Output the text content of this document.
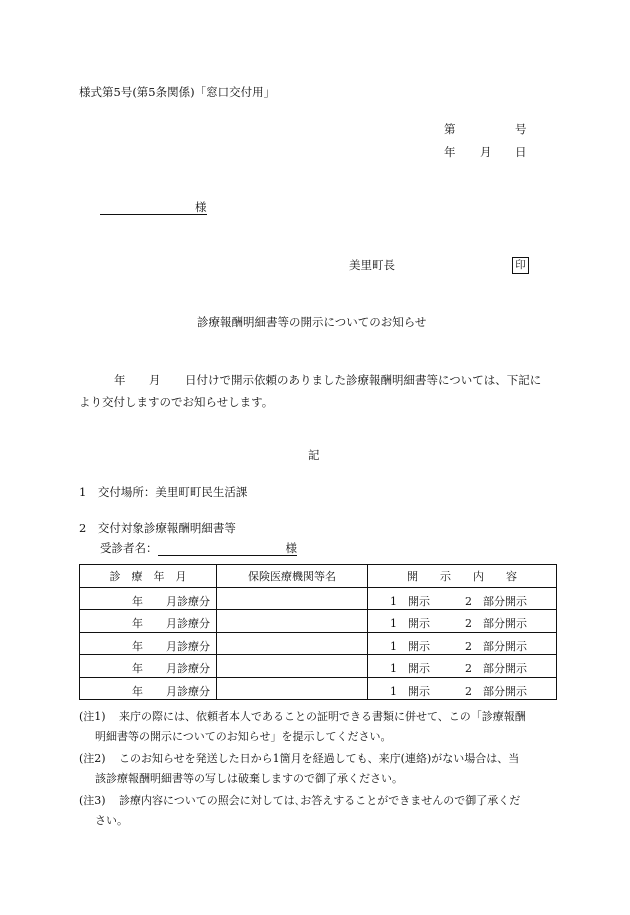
様式第5号(第5条関係)「窓口交付用」
第	号
年 月 日
様
美里町長	印
診療報酬明細書等の開示についてのお知らせ
年 月 日付けで開示依頼のありました診療報酬明細書等については、下記に
より交付しますのでお知らせします。
記
1　交付場所：美里町町民生活課
2　交付対象診療報酬明細書等
受診者名：	様
診　療　年　月	保険医療機関等名	開　　示　　内　　容

年 月診療分		1　開示 2　部分開示

年 月診療分		1　開示 2　部分開示

年 月診療分		1　開示 2　部分開示

年 月診療分		1　開示 2　部分開示

年 月診療分		1　開示 2　部分開示
(注1) 来庁の際には、依頼者本人であることの証明できる書類に併せて、この「診療報酬
明細書等の開示についてのお知らせ」を提示してください。
(注2) このお知らせを発送した日から1箇月を経過しても、来庁(連絡)がない場合は、当
該診療報酬明細書等の写しは破棄しますので御了承ください。
(注3) 診療内容についての照会に対しては､お答えすることができませんので御了承くだ
さい。
